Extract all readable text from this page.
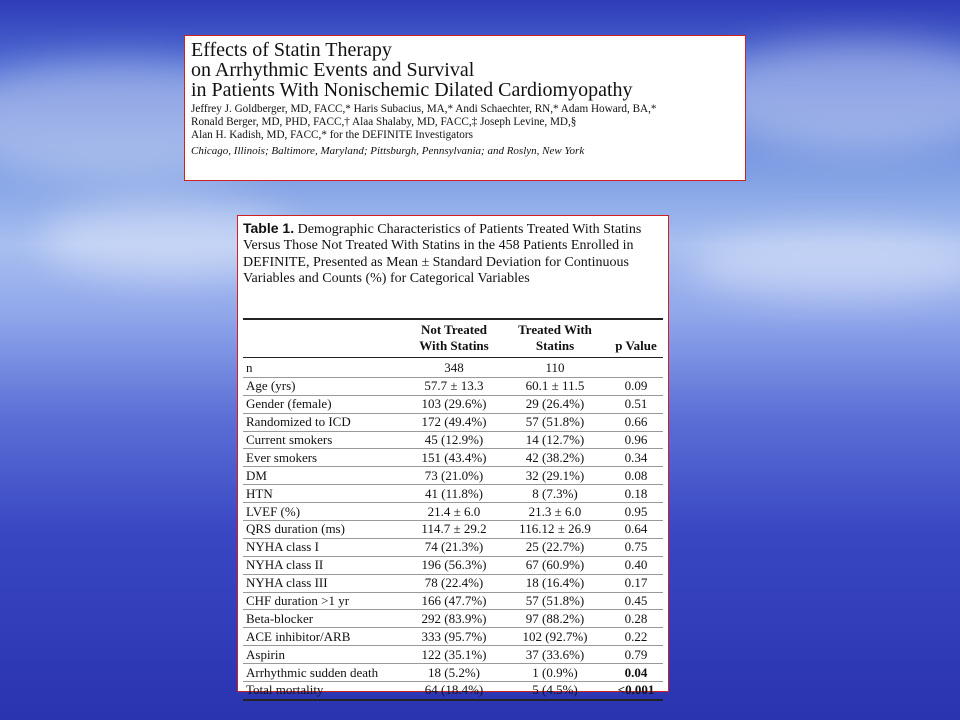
Effects of Statin Therapy

on Arrhythmic Events and Survival

in Patients With Nonischemic Dilated Cardiomyopathy

Jeffrey J. Goldberger, MD, FACC,* Haris Subacius, MA,* Andi Schaechter, RN,* Adam Howard, BA,*
Ronald Berger, MD, PHD, FACC,† Alaa Shalaby, MD, FACC,‡ Joseph Levine, MD,§
Alan H. Kadish, MD, FACC,* for the DEFINITE Investigators
Chicago, Illinois; Baltimore, Maryland; Pittsburgh, Pennsylvania; and Roslyn, New York
Table 1. Demographic Characteristics of Patients Treated With Statins Versus Those Not Treated With Statins in the 458 Patients Enrolled in DEFINITE, Presented as Mean ± Standard Deviation for Continuous Variables and Counts (%) for Categorical Variables
	Not Treated With Statins	Treated With Statins	p Value
n	348	110	
Age (yrs)	57.7 ± 13.3	60.1 ± 11.5	0.09
Gender (female)	103 (29.6%)	29 (26.4%)	0.51
Randomized to ICD	172 (49.4%)	57 (51.8%)	0.66
Current smokers	45 (12.9%)	14 (12.7%)	0.96
Ever smokers	151 (43.4%)	42 (38.2%)	0.34
DM	73 (21.0%)	32 (29.1%)	0.08
HTN	41 (11.8%)	8 (7.3%)	0.18
LVEF (%)	21.4 ± 6.0	21.3 ± 6.0	0.95
QRS duration (ms)	114.7 ± 29.2	116.12 ± 26.9	0.64
NYHA class I	74 (21.3%)	25 (22.7%)	0.75
NYHA class II	196 (56.3%)	67 (60.9%)	0.40
NYHA class III	78 (22.4%)	18 (16.4%)	0.17
CHF duration >1 yr	166 (47.7%)	57 (51.8%)	0.45
Beta-blocker	292 (83.9%)	97 (88.2%)	0.28
ACE inhibitor/ARB	333 (95.7%)	102 (92.7%)	0.22
Aspirin	122 (35.1%)	37 (33.6%)	0.79
Arrhythmic sudden death	18 (5.2%)	1 (0.9%)	0.04
Total mortality	64 (18.4%)	5 (4.5%)	<0.001
